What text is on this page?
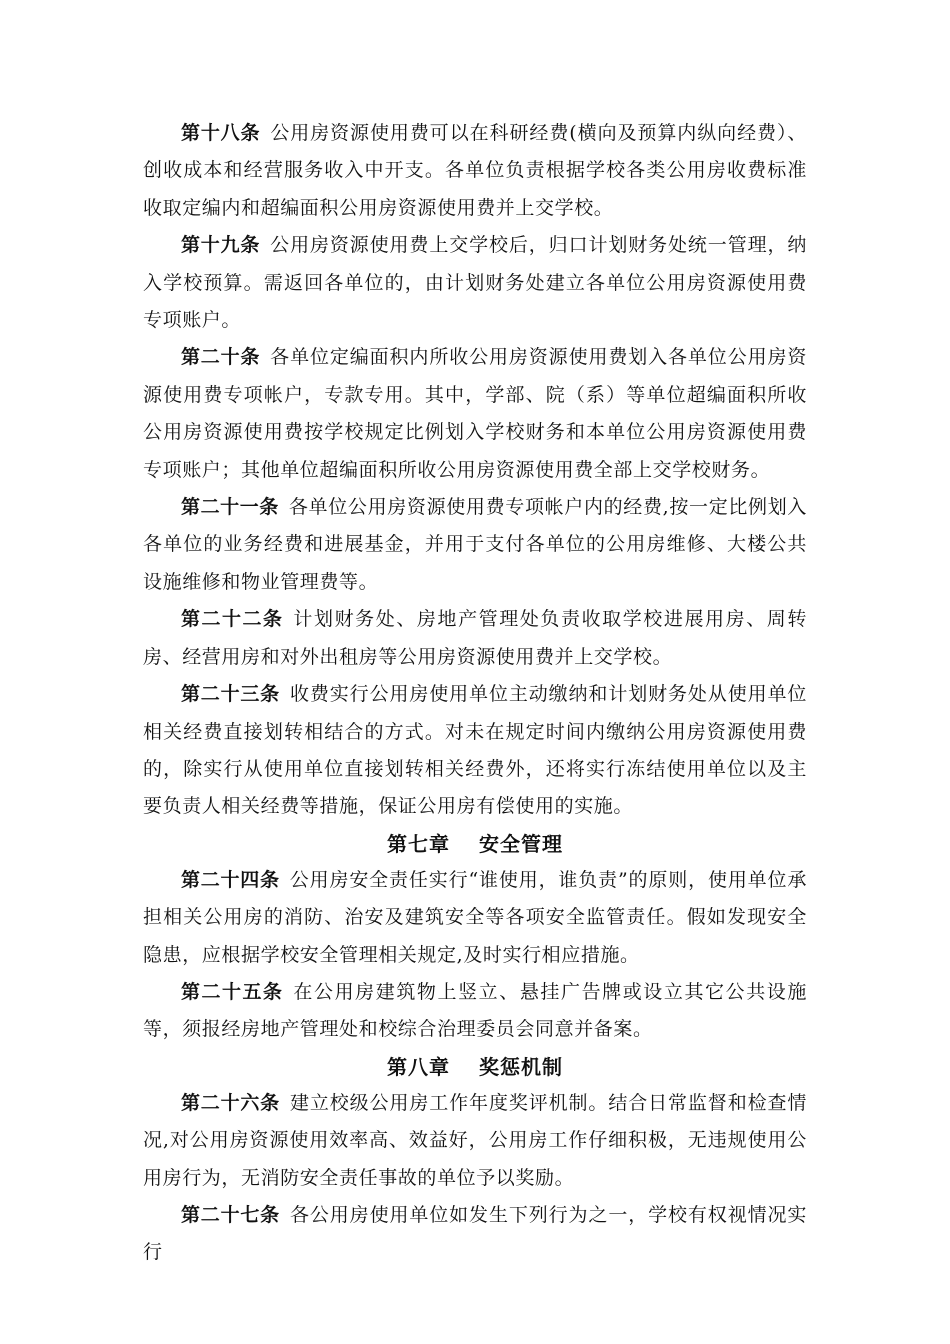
第十八条 公用房资源使用费可以在科研经费(横向及预算内纵向经费）、创收成本和经营服务收入中开支。各单位负责根据学校各类公用房收费标准收取定编内和超编面积公用房资源使用费并上交学校。

第十九条 公用房资源使用费上交学校后，归口计划财务处统一管理，纳入学校预算。需返回各单位的，由计划财务处建立各单位公用房资源使用费专项账户。

第二十条 各单位定编面积内所收公用房资源使用费划入各单位公用房资源使用费专项帐户，专款专用。其中，学部、院（系）等单位超编面积所收公用房资源使用费按学校规定比例划入学校财务和本单位公用房资源使用费专项账户；其他单位超编面积所收公用房资源使用费全部上交学校财务。

第二十一条 各单位公用房资源使用费专项帐户内的经费,按一定比例划入各单位的业务经费和进展基金，并用于支付各单位的公用房维修、大楼公共设施维修和物业管理费等。

第二十二条 计划财务处、房地产管理处负责收取学校进展用房、周转房、经营用房和对外出租房等公用房资源使用费并上交学校。

第二十三条 收费实行公用房使用单位主动缴纳和计划财务处从使用单位相关经费直接划转相结合的方式。对未在规定时间内缴纳公用房资源使用费的，除实行从使用单位直接划转相关经费外，还将实行冻结使用单位以及主要负责人相关经费等措施，保证公用房有偿使用的实施。

第七章　 安全管理

第二十四条 公用房安全责任实行“谁使用，谁负责”的原则，使用单位承担相关公用房的消防、治安及建筑安全等各项安全监管责任。假如发现安全隐患，应根据学校安全管理相关规定,及时实行相应措施。

第二十五条 在公用房建筑物上竖立、悬挂广告牌或设立其它公共设施等，须报经房地产管理处和校综合治理委员会同意并备案。

第八章　 奖惩机制

第二十六条 建立校级公用房工作年度奖评机制。结合日常监督和检查情况,对公用房资源使用效率高、效益好，公用房工作仔细积极，无违规使用公用房行为，无消防安全责任事故的单位予以奖励。

第二十七条 各公用房使用单位如发生下列行为之一，学校有权视情况实行
